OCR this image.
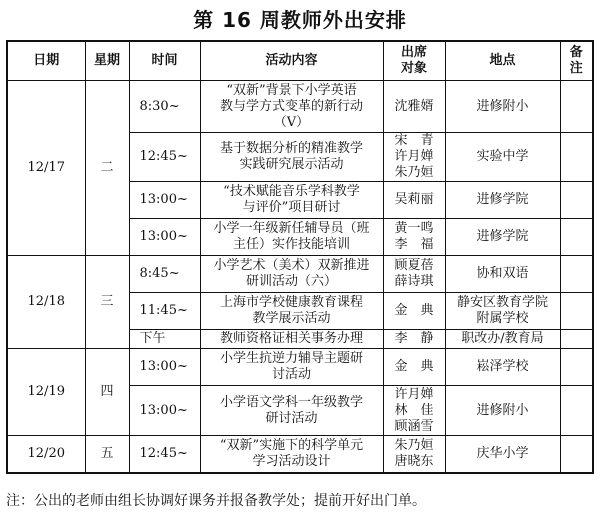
第 16 周教师外出安排
日期	星期	时间	活动内容	出席
对象	地点	备
注
12/17	二	8:30~	“双新”背景下小学英语
教与学方式变革的新行动
（V）	沈雅婿	进修附小	
		12:45~	基于数据分析的精准教学
实践研究展示活动	宋　青
许月婵
朱乃姮	实验中学	
		13:00~	“技术赋能音乐学科教学
与评价”项目研讨	吴莉丽	进修学院	
		13:00~	小学一年级新任辅导员（班
主任）实作技能培训	黄一鸣
李　福	进修学院	
12/18	三	8:45~	小学艺术（美术）双新推进
研训活动（六）	顾夏蓓
薛诗琪	协和双语	
		11:45~	上海市学校健康教育课程
教学展示活动	金　典	静安区教育学院
附属学校	
		下午	教师资格证相关事务办理	李　静	职改办/教育局	
12/19	四	13:00~	小学生抗逆力辅导主题研
讨活动	金　典	崧泽学校	
		13:00~	小学语文学科一年级教学
研讨活动	许月婵
林　佳
顾涵雪	进修附小	
12/20	五	12:45~	“双新”实施下的科学单元
学习活动设计	朱乃姮
唐晓东	庆华小学	
注：公出的老师由组长协调好课务并报备教学处；提前开好出门单。
